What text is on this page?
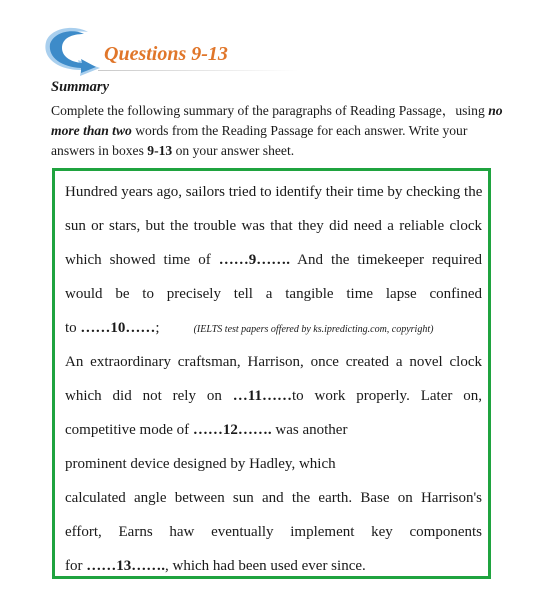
Questions 9-13
Summary
Complete the following summary of the paragraphs of Reading Passage，using no more than two words from the Reading Passage for each answer. Write your answers in boxes 9-13 on your answer sheet.
Hundred years ago, sailors tried to identify their time by checking the
sun or stars, but the trouble was that they did need a reliable clock
which showed time of ……9……. And the timekeeper required
would be to precisely tell a tangible time lapse confined
to ……10……;	(IELTS test papers offered by ks.ipredicting.com, copyright)
An extraordinary craftsman, Harrison, once created a novel clock
which did not rely on …11……to work properly. Later on,
competitive mode of ……12……. was another
prominent device designed by Hadley, which
calculated angle between sun and the earth. Base on Harrison's
effort, Earns haw eventually implement key components
for ……13……., which had been used ever since.
